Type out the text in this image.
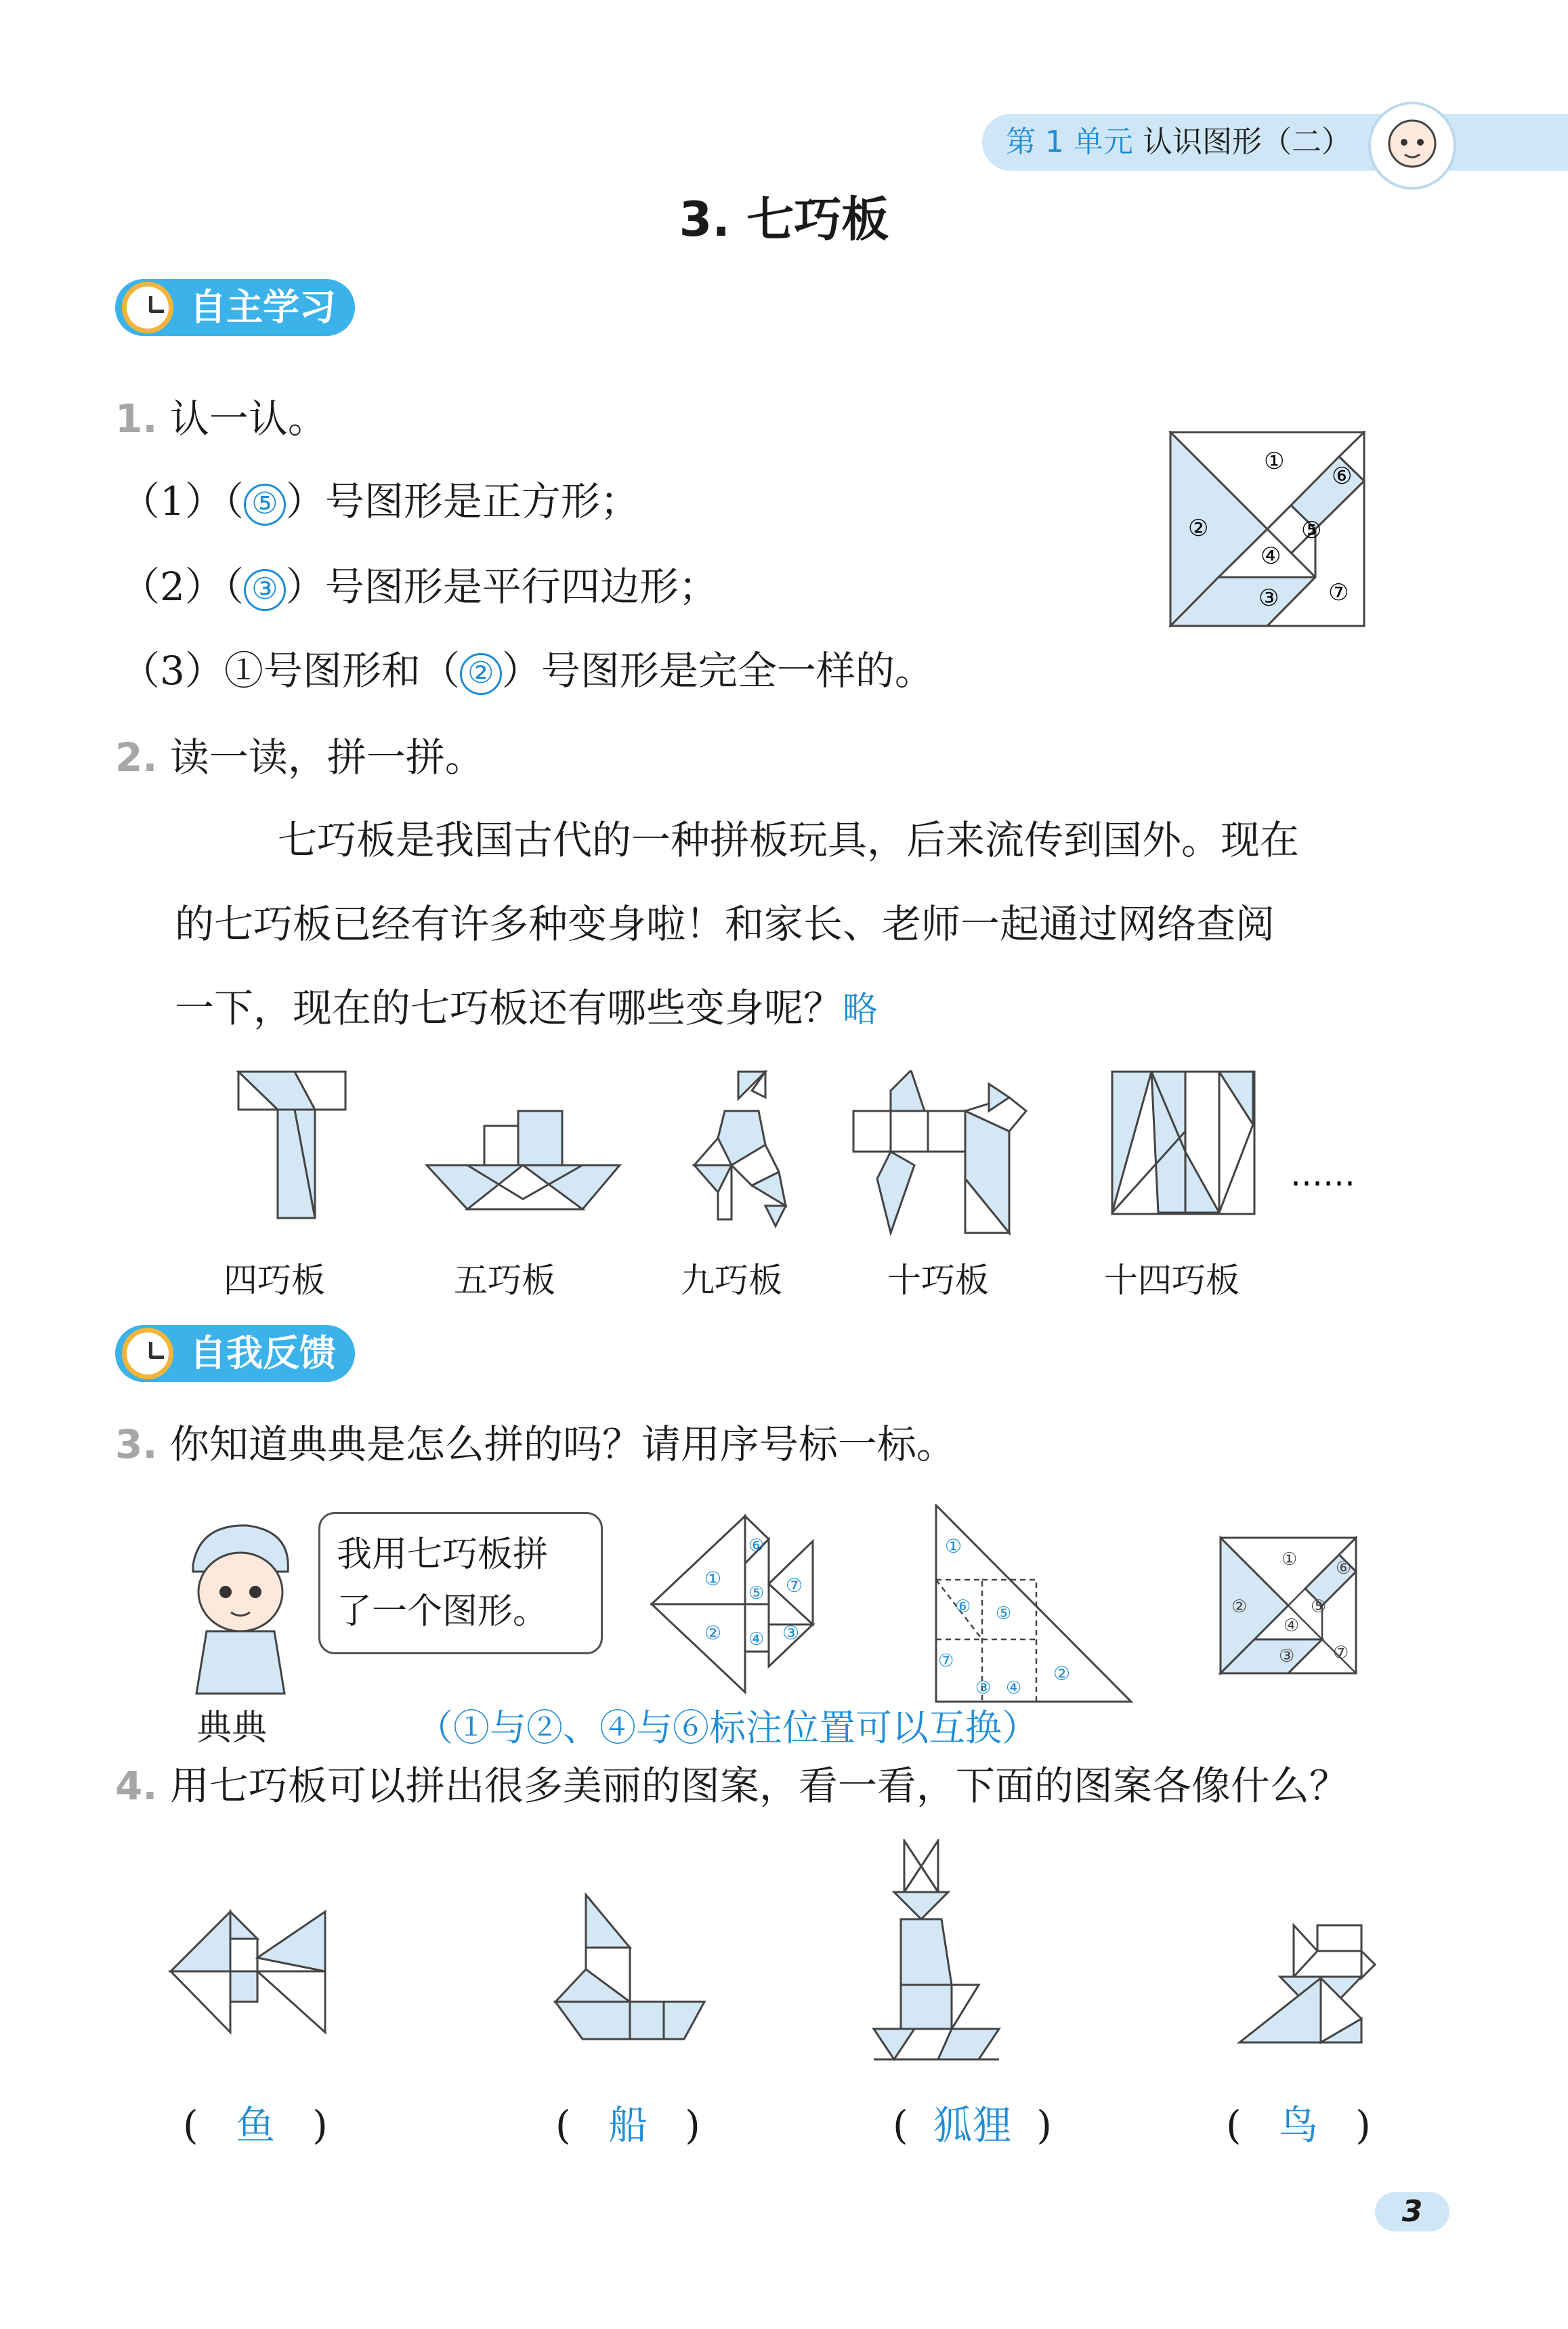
第 1 单元 认识图形（二）
3. 七巧板
自主学习
1. 认一认。
（1）（ ⑤ ）号图形是正方形；
（2）（ ③ ）号图形是平行四边形；
（3）①号图形和（ ② ）号图形是完全一样的。
①
②
③
④
⑤
⑥
⑦
2. 读一读，拼一拼。
七巧板是我国古代的一种拼板玩具，后来流传到国外。现在
的七巧板已经有许多种变身啦！和家长、老师一起通过网络查阅
一下，现在的七巧板还有哪些变身呢？略
……
四巧板	五巧板	九巧板	十巧板	十四巧板
自我反馈
3. 你知道典典是怎么拼的吗？请用序号标一标。
我用七巧板拼
了一个图形。
典典
①
②
⑥
⑤
④
⑦
③
①
②
⑥ ⑤
⑦
③ ④
①
②
③
④
⑤
⑥
⑦
（①与②、④与⑥标注位置可以互换）
4. 用七巧板可以拼出很多美丽的图案，看一看，下面的图案各像什么？
(   鱼   )	(   船   )	(  狐狸  )	(   鸟   )
3
